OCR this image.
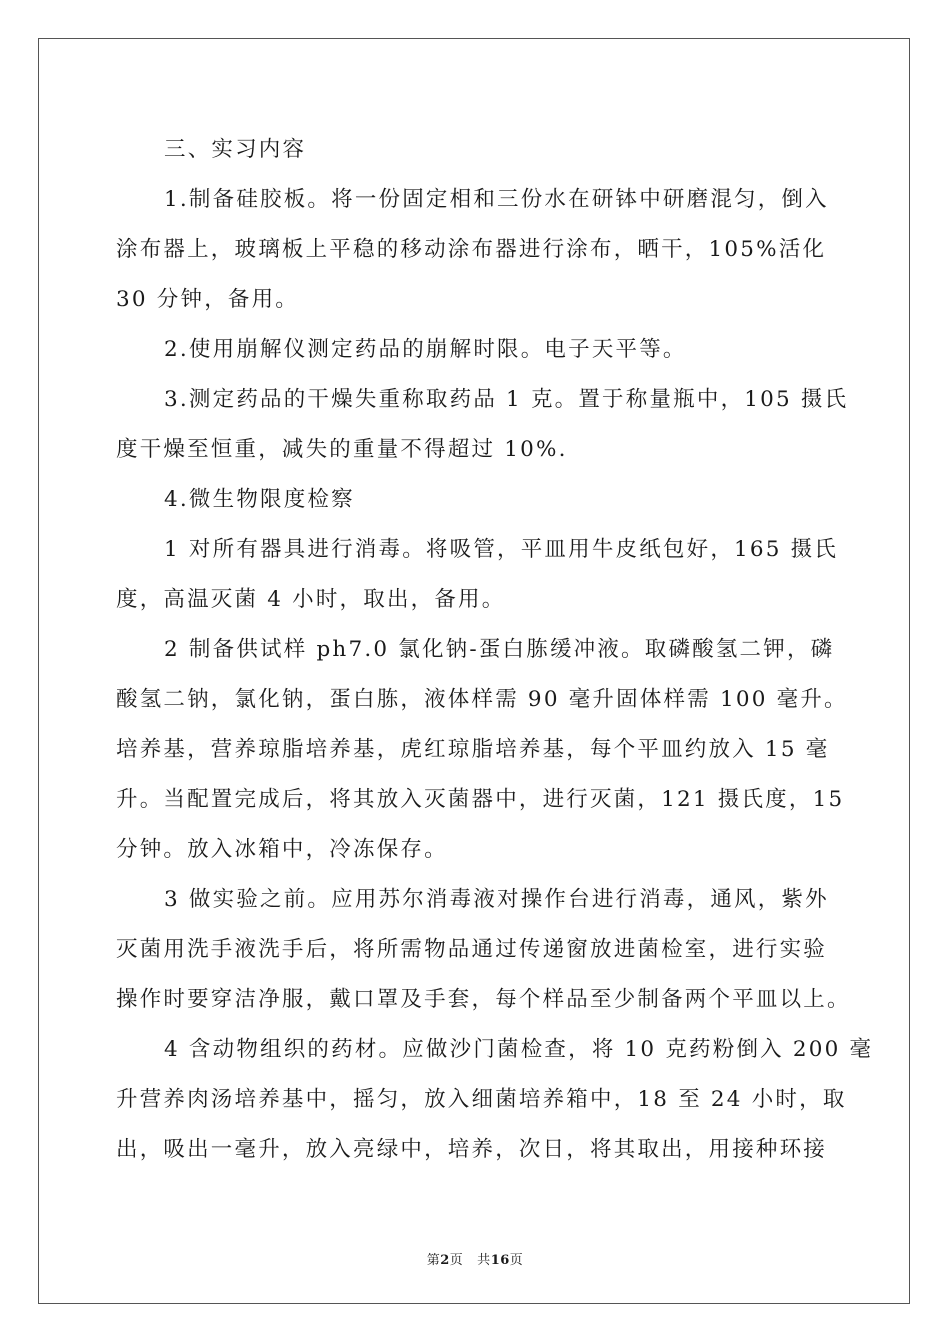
三、实习内容
1.制备硅胶板。将一份固定相和三份水在研钵中研磨混匀，倒入
涂布器上，玻璃板上平稳的移动涂布器进行涂布，晒干，105%活化
30 分钟，备用。
2.使用崩解仪测定药品的崩解时限。电子天平等。
3.测定药品的干燥失重称取药品 1 克。置于称量瓶中，105 摄氏
度干燥至恒重，减失的重量不得超过 10%.
4.微生物限度检察
1 对所有器具进行消毒。将吸管，平皿用牛皮纸包好，165 摄氏
度，高温灭菌 4 小时，取出，备用。
2 制备供试样 ph7.0 氯化钠-蛋白胨缓冲液。取磷酸氢二钾，磷
酸氢二钠，氯化钠，蛋白胨，液体样需 90 毫升固体样需 100 毫升。
培养基，营养琼脂培养基，虎红琼脂培养基，每个平皿约放入 15 毫
升。当配置完成后，将其放入灭菌器中，进行灭菌，121 摄氏度，15
分钟。放入冰箱中，冷冻保存。
3 做实验之前。应用苏尔消毒液对操作台进行消毒，通风，紫外
灭菌用洗手液洗手后，将所需物品通过传递窗放进菌检室，进行实验
操作时要穿洁净服，戴口罩及手套，每个样品至少制备两个平皿以上。
4 含动物组织的药材。应做沙门菌检查，将 10 克药粉倒入 200 毫
升营养肉汤培养基中，摇匀，放入细菌培养箱中，18 至 24 小时，取
出，吸出一毫升，放入亮绿中，培养，次日，将其取出，用接种环接
第2页 共16页
